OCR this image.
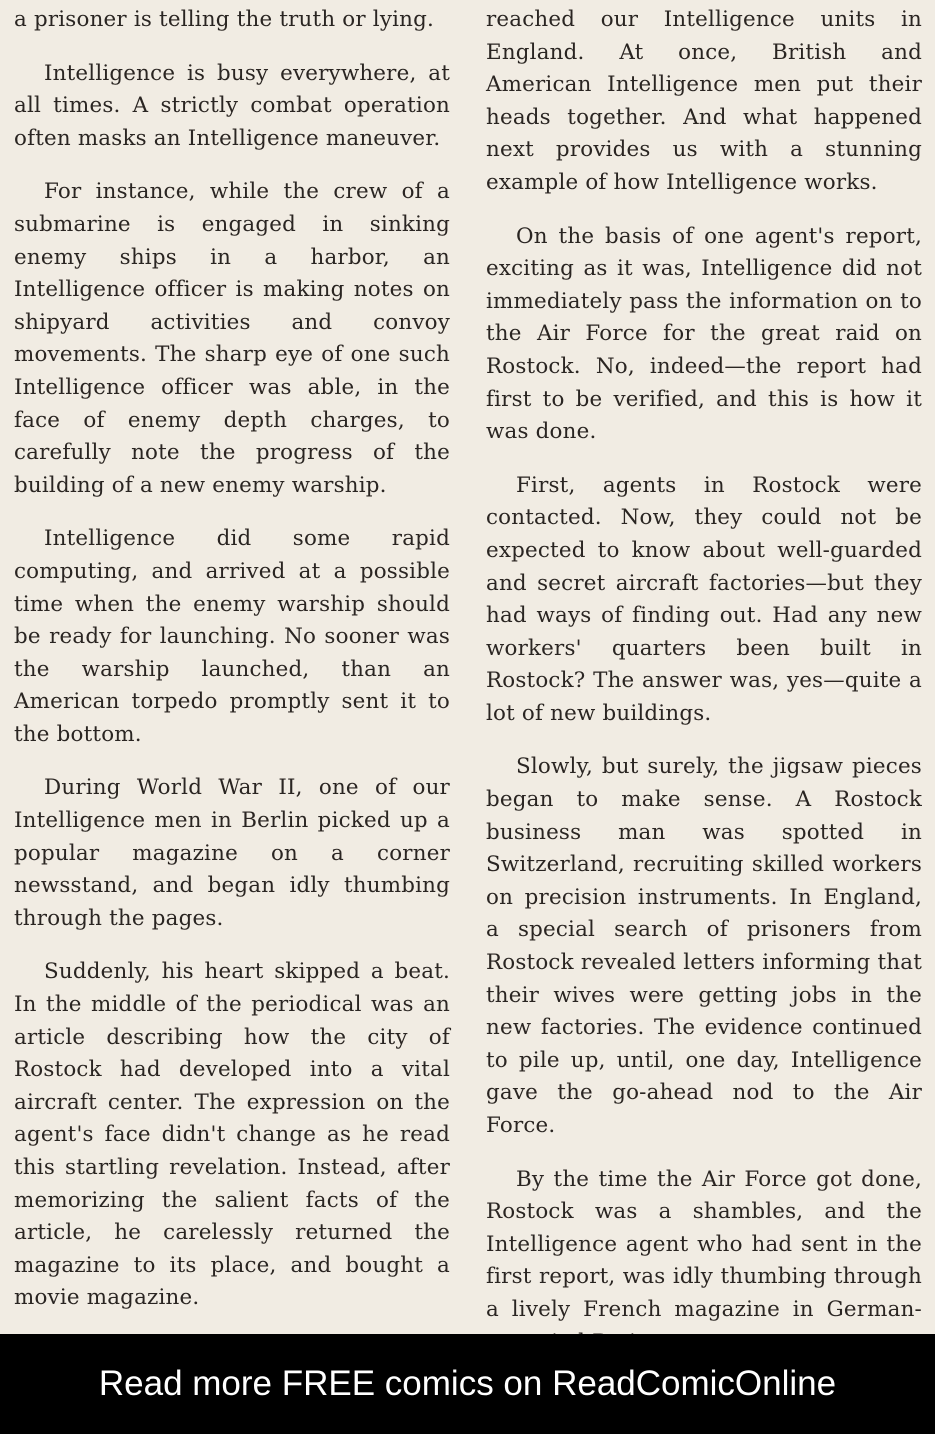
a prisoner is telling the truth or lying.

Intelligence is busy everywhere, at all times. A strictly combat operation often masks an Intelligence maneuver.

For instance, while the crew of a submarine is engaged in sinking enemy ships in a harbor, an Intelligence officer is making notes on shipyard activities and convoy movements. The sharp eye of one such Intelligence officer was able, in the face of enemy depth charges, to carefully note the progress of the building of a new enemy warship.

Intelligence did some rapid computing, and arrived at a possible time when the enemy warship should be ready for launching. No sooner was the warship launched, than an American torpedo promptly sent it to the bottom.

During World War II, one of our Intelligence men in Berlin picked up a popular magazine on a corner newsstand, and began idly thumbing through the pages.

Suddenly, his heart skipped a beat. In the middle of the periodical was an article describing how the city of Rostock had developed into a vital aircraft center. The expression on the agent's face didn't change as he read this startling revelation. Instead, after memorizing the salient facts of the article, he carelessly returned the magazine to its place, and bought a movie magazine.

reached our Intelligence units in England. At once, British and American Intelligence men put their heads together. And what happened next provides us with a stunning example of how Intelligence works.

On the basis of one agent's report, exciting as it was, Intelligence did not immediately pass the information on to the Air Force for the great raid on Rostock. No, indeed—the report had first to be verified, and this is how it was done.

First, agents in Rostock were contacted. Now, they could not be expected to know about well-guarded and secret aircraft factories—but they had ways of finding out. Had any new workers' quarters been built in Rostock? The answer was, yes—quite a lot of new buildings.

Slowly, but surely, the jigsaw pieces began to make sense. A Rostock business man was spotted in Switzerland, recruiting skilled workers on precision instruments. In England, a special search of prisoners from Rostock revealed letters informing that their wives were getting jobs in the new factories. The evidence continued to pile up, until, one day, Intelligence gave the go-ahead nod to the Air Force.

By the time the Air Force got done, Rostock was a shambles, and the Intelligence agent who had sent in the first report, was idly thumbing through a lively French magazine in German-

Read more FREE comics on ReadComicOnline
